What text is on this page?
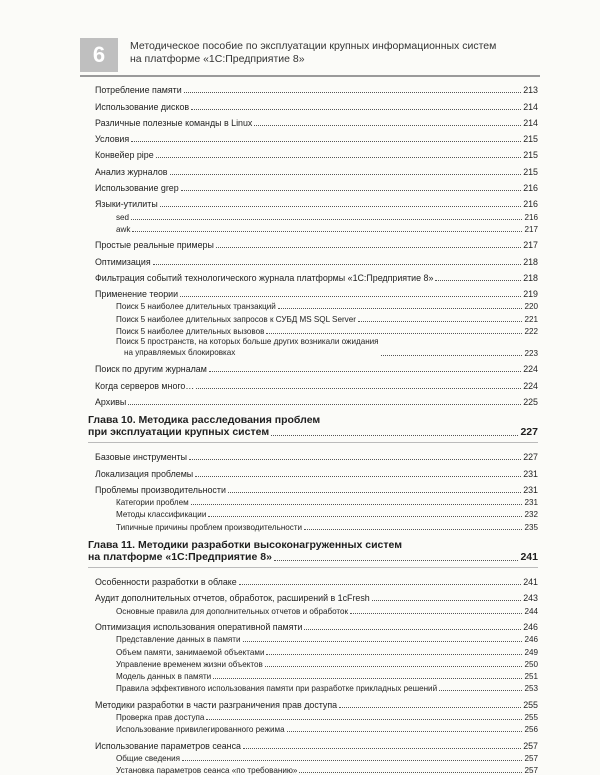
6	Методическое пособие по эксплуатации крупных информационных систем
на платформе «1С:Предприятие 8»
Потребление памяти	213
Использование дисков	214
Различные полезные команды в Linux	214
Условия	215
Конвейер pipe	215
Анализ журналов	215
Использование grep	216
Языки-утилиты	216
sed	216
awk	217
Простые реальные примеры	217
Оптимизация	218
Фильтрация событий технологического журнала платформы «1С:Предприятие 8»	218
Применение теории	219
Поиск 5 наиболее длительных транзакций	220
Поиск 5 наиболее длительных запросов к СУБД MS SQL Server	221
Поиск 5 наиболее длительных вызовов	222
Поиск 5 пространств, на которых больше других возникали ожидания
на управляемых блокировках	223
Поиск по другим журналам	224
Когда серверов много…	224
Архивы	225
Глава 10. Методика расследования проблем
при эксплуатации крупных систем	227
Базовые инструменты	227
Локализация проблемы	231
Проблемы производительности	231
Категории проблем	231
Методы классификации	232
Типичные причины проблем производительности	235
Глава 11. Методики разработки высоконагруженных систем
на платформе «1С:Предприятие 8»	241
Особенности разработки в облаке	241
Аудит дополнительных отчетов, обработок, расширений в 1cFresh	243
Основные правила для дополнительных отчетов и обработок	244
Оптимизация использования оперативной памяти	246
Представление данных в памяти	246
Объем памяти, занимаемой объектами	249
Управление временем жизни объектов	250
Модель данных в памяти	251
Правила эффективного использования памяти при разработке прикладных решений	253
Методики разработки в части разграничения прав доступа	255
Проверка прав доступа	255
Использование привилегированного режима	256
Использование параметров сеанса	257
Общие сведения	257
Установка параметров сеанса «по требованию»	257
